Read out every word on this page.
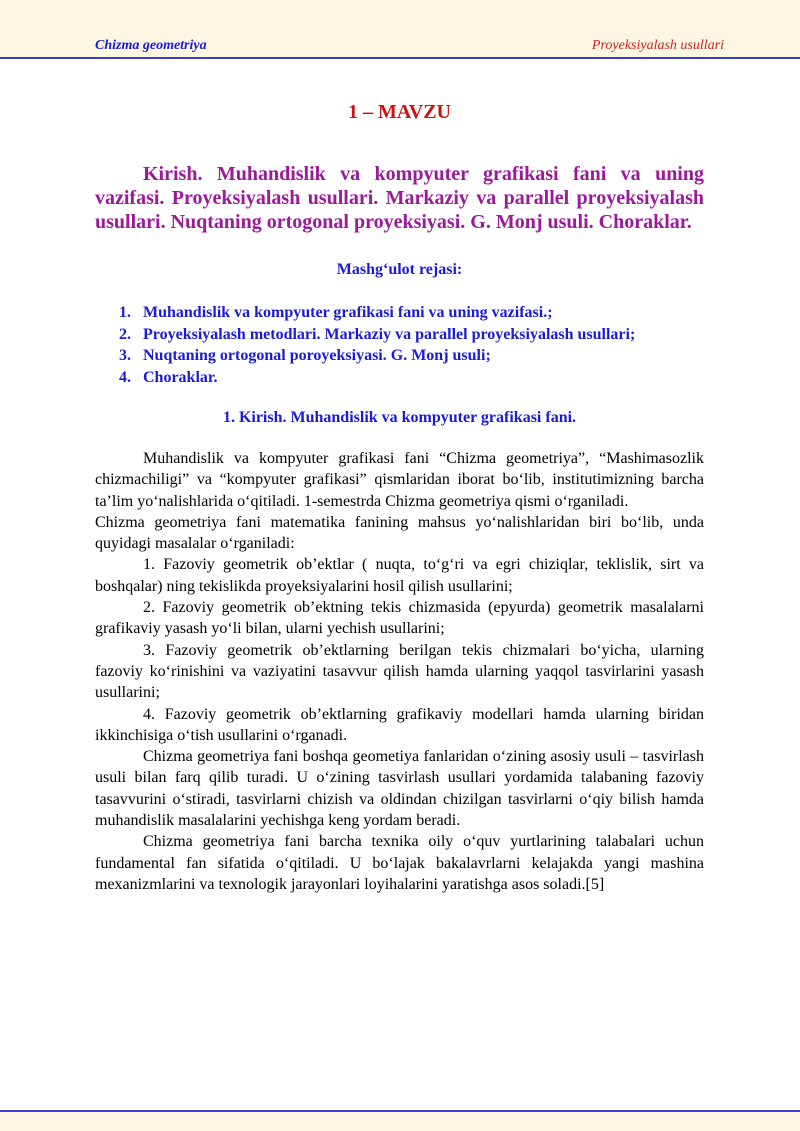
Chizma geometriya	Proyeksiyalash usullari
1 – MAVZU

Kirish. Muhandislik va kompyuter grafikasi fani va uning vazifasi. Proyeksiyalash usullari. Markaziy va parallel proyeksiyalash usullari. Nuqtaning ortogonal proyeksiyasi. G. Monj usuli. Choraklar.

Mashg‘ulot rejasi:

1. Muhandislik va kompyuter grafikasi fani va uning vazifasi.;
2. Proyeksiyalash metodlari. Markaziy va parallel proyeksiyalash usullari;
3. Nuqtaning ortogonal poroyeksiyasi. G. Monj usuli;
4. Choraklar.

1. Kirish. Muhandislik va kompyuter grafikasi fani.

Muhandislik va kompyuter grafikasi fani “Chizma geometriya”, “Mashimasozlik chizmachiligi” va “kompyuter grafikasi” qismlaridan iborat bo‘lib, institutimizning barcha ta’lim yo‘nalishlarida o‘qitiladi. 1-semestrda Chizma geometriya qismi o‘rganiladi.

Chizma geometriya fani matematika fanining mahsus yo‘nalishlaridan biri bo‘lib, unda quyidagi masalalar o‘rganiladi:

1. Fazoviy geometrik ob’ektlar ( nuqta, to‘g‘ri va egri chiziqlar, teklislik, sirt va boshqalar) ning tekislikda proyeksiyalarini hosil qilish usullarini;

2. Fazoviy geometrik ob’ektning tekis chizmasida (epyurda) geometrik masalalarni grafikaviy yasash yo‘li bilan, ularni yechish usullarini;

3. Fazoviy geometrik ob’ektlarning berilgan tekis chizmalari bo‘yicha, ularning fazoviy ko‘rinishini va vaziyatini tasavvur qilish hamda ularning yaqqol tasvirlarini yasash usullarini;

4. Fazoviy geometrik ob’ektlarning grafikaviy modellari hamda ularning biridan ikkinchisiga o‘tish usullarini o‘rganadi.

Chizma geometriya fani boshqa geometiya fanlaridan o‘zining asosiy usuli – tasvirlash usuli bilan farq qilib turadi. U o‘zining tasvirlash usullari yordamida talabaning fazoviy tasavvurini o‘stiradi, tasvirlarni chizish va oldindan chizilgan tasvirlarni o‘qiy bilish hamda muhandislik masalalarini yechishga keng yordam beradi.

Chizma geometriya fani barcha texnika oily o‘quv yurtlarining talabalari uchun fundamental fan sifatida o‘qitiladi. U bo‘lajak bakalavrlarni kelajakda yangi mashina mexanizmlarini va texnologik jarayonlari loyihalarini yaratishga asos soladi.[5]
